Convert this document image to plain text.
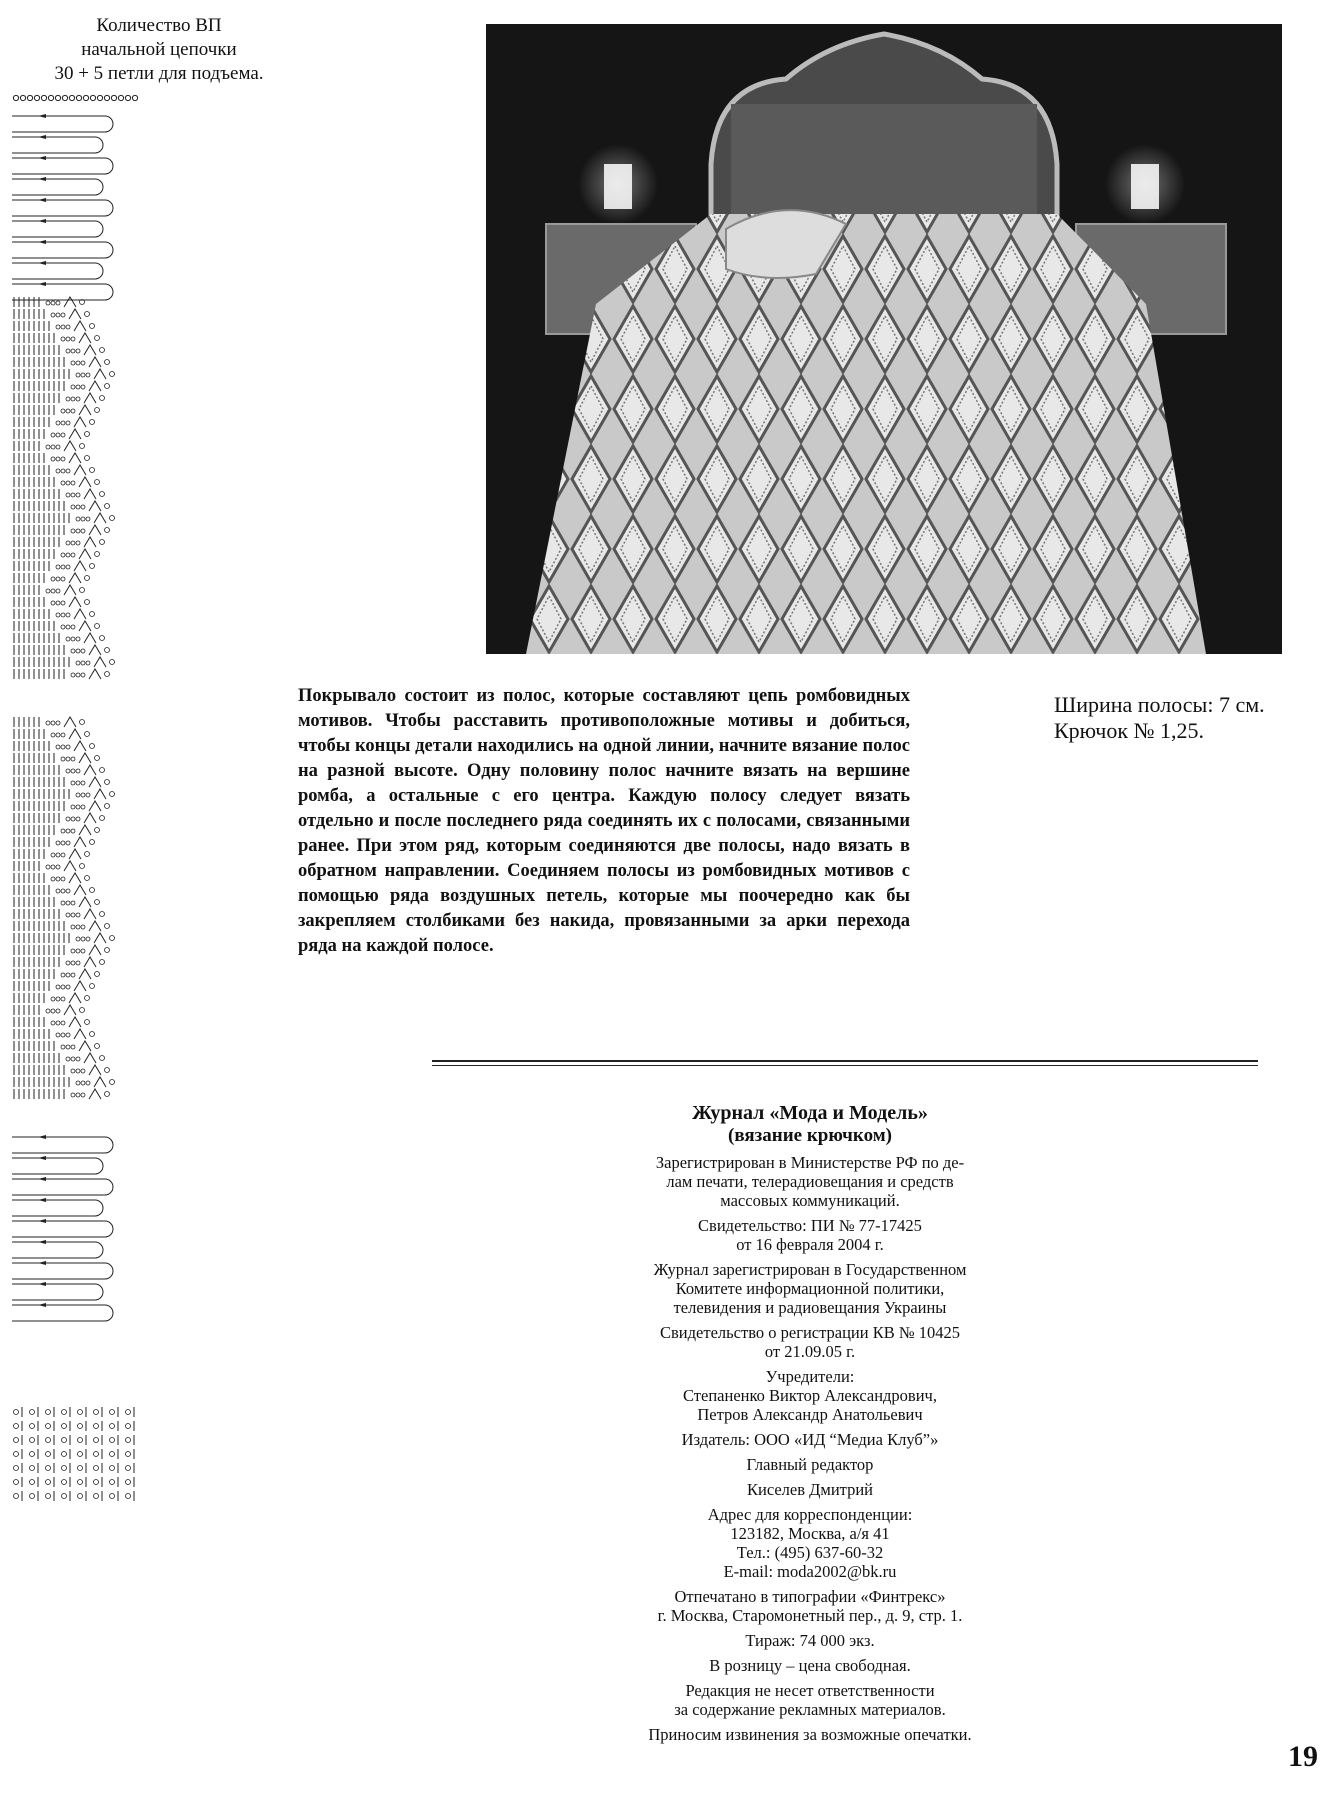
Количество ВП
начальной цепочки
30 + 5 петли для подъема.
Покрывало состоит из полос, которые составляют цепь ромбовидных мотивов. Чтобы расставить противоположные мотивы и добиться, чтобы концы детали находились на одной линии, начните вязание полос на разной высоте. Одну половину полос начните вязать на вершине ромба, а остальные с его центра. Каждую полосу следует вязать отдельно и после последнего ряда соединять их с полосами, связанными ранее. При этом ряд, которым соединяются две полосы, надо вязать в обратном направлении. Соединяем полосы из ромбовидных мотивов с помощью ряда воздушных петель, которые мы поочередно как бы закрепляем столбиками без накида, провязанными за арки перехода ряда на каждой полосе.
Ширина полосы: 7 см.
Крючок № 1,25.
Журнал «Мода и Модель»
(вязание крючком)
Зарегистрирован в Министерстве РФ по де-
лам печати, телерадиовещания и средств
массовых коммуникаций.
Свидетельство: ПИ № 77-17425
от 16 февраля 2004 г.
Журнал зарегистрирован в Государственном
Комитете информационной политики,
телевидения и радиовещания Украины
Свидетельство о регистрации КВ № 10425
от 21.09.05 г.
Учредители:
Степаненко Виктор Александрович,
Петров Александр Анатольевич
Издатель: ООО «ИД “Медиа Клуб”»
Главный редактор
Киселев Дмитрий
Адрес для корреспонденции:
123182, Москва, а/я 41
Тел.: (495) 637-60-32
E-mail: moda2002@bk.ru
Отпечатано в типографии «Финтрекс»
г. Москва, Старомонетный пер., д. 9, стр. 1.
Тираж: 74 000 экз.
В розницу – цена свободная.
Редакция не несет ответственности
за содержание рекламных материалов.
Приносим извинения за возможные опечатки.
19
